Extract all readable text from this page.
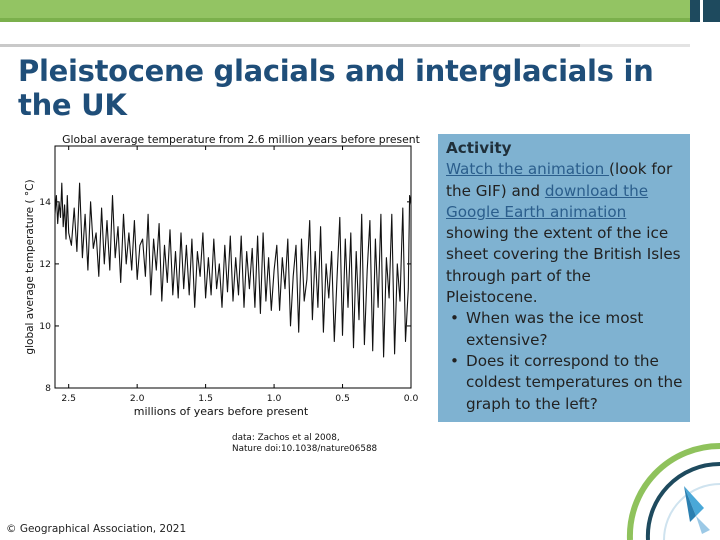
Pleistocene glacials and interglacials in the UK
Global average temperature from 2.6 million years before present
2.5	2.0	1.5	1.0	0.5	0.0
8
10
12
14
millions of years before present
global average temperature ( °C)
data: Zachos et al 2008,
Nature doi:10.1038/nature06588
Activity
Watch the animation (look for the GIF) and download the Google Earth animation showing the extent of the ice sheet covering the British Isles through part of the Pleistocene.
• When was the ice most extensive?
• Does it correspond to the coldest temperatures on the graph to the left?
© Geographical Association, 2021
